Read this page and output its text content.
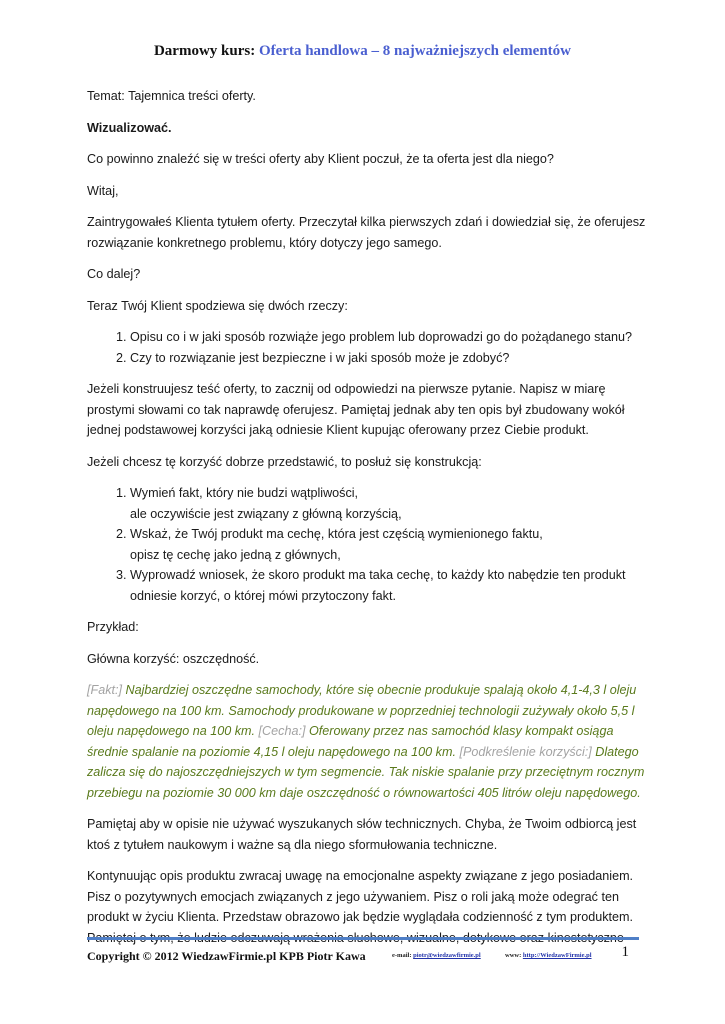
Darmowy kurs: Oferta handlowa – 8 najważniejszych elementów
Temat: Tajemnica treści oferty.
Wizualizować.
Co powinno znaleźć się w treści oferty aby Klient poczuł, że ta oferta jest dla niego?
Witaj,
Zaintrygowałeś Klienta tytułem oferty. Przeczytał kilka pierwszych zdań i dowiedział się, że oferujesz rozwiązanie konkretnego problemu, który dotyczy jego samego.
Co dalej?
Teraz Twój Klient spodziewa się dwóch rzeczy:
1. Opisu co i w jaki sposób rozwiąże jego problem lub doprowadzi go do pożądanego stanu?
2. Czy to rozwiązanie jest bezpieczne i w jaki sposób może je zdobyć?
Jeżeli konstruujesz teść oferty, to zacznij od odpowiedzi na pierwsze pytanie. Napisz w miarę prostymi słowami co tak naprawdę oferujesz. Pamiętaj jednak aby ten opis był zbudowany wokół jednej podstawowej korzyści jaką odniesie Klient kupując oferowany przez Ciebie produkt.
Jeżeli chcesz tę korzyść dobrze przedstawić, to posłuż się konstrukcją:
1. Wymień fakt, który nie budzi wątpliwości,
ale oczywiście jest związany z główną korzyścią,
2. Wskaż, że Twój produkt ma cechę, która jest częścią wymienionego faktu,
opisz tę cechę jako jedną z głównych,
3. Wyprowadź wniosek, że skoro produkt ma taka cechę, to każdy kto nabędzie ten produkt
odniesie korzyć, o której mówi przytoczony fakt.
Przykład:
Główna korzyść: oszczędność.
[Fakt:] Najbardziej oszczędne samochody, które się obecnie produkuje spalają około 4,1-4,3 l oleju napędowego na 100 km. Samochody produkowane w poprzedniej technologii zużywały około 5,5 l oleju napędowego na 100 km. [Cecha:] Oferowany przez nas samochód klasy kompakt osiąga średnie spalanie na poziomie 4,15 l oleju napędowego na 100 km. [Podkreślenie korzyści:] Dlatego zalicza się do najoszczędniejszych w tym segmencie. Tak niskie spalanie przy przeciętnym rocznym przebiegu na poziomie 30 000 km daje oszczędność o równowartości 405 litrów oleju napędowego.
Pamiętaj aby w opisie nie używać wyszukanych słów technicznych. Chyba, że Twoim odbiorcą jest ktoś z tytułem naukowym i ważne są dla niego sformułowania techniczne.
Kontynuując opis produktu zwracaj uwagę na emocjonalne aspekty związane z jego posiadaniem. Pisz o pozytywnych emocjach związanych z jego używaniem. Pisz o roli jaką może odegrać ten produkt w życiu Klienta. Przedstaw obrazowo jak będzie wyglądała codzienność z tym produktem.
Copyright © 2012 WiedzawFirmie.pl KPB Piotr Kawa	e-mail: piotr@wiedzawfirmie.pl	www: http://WiedzawFirmie.pl 1
